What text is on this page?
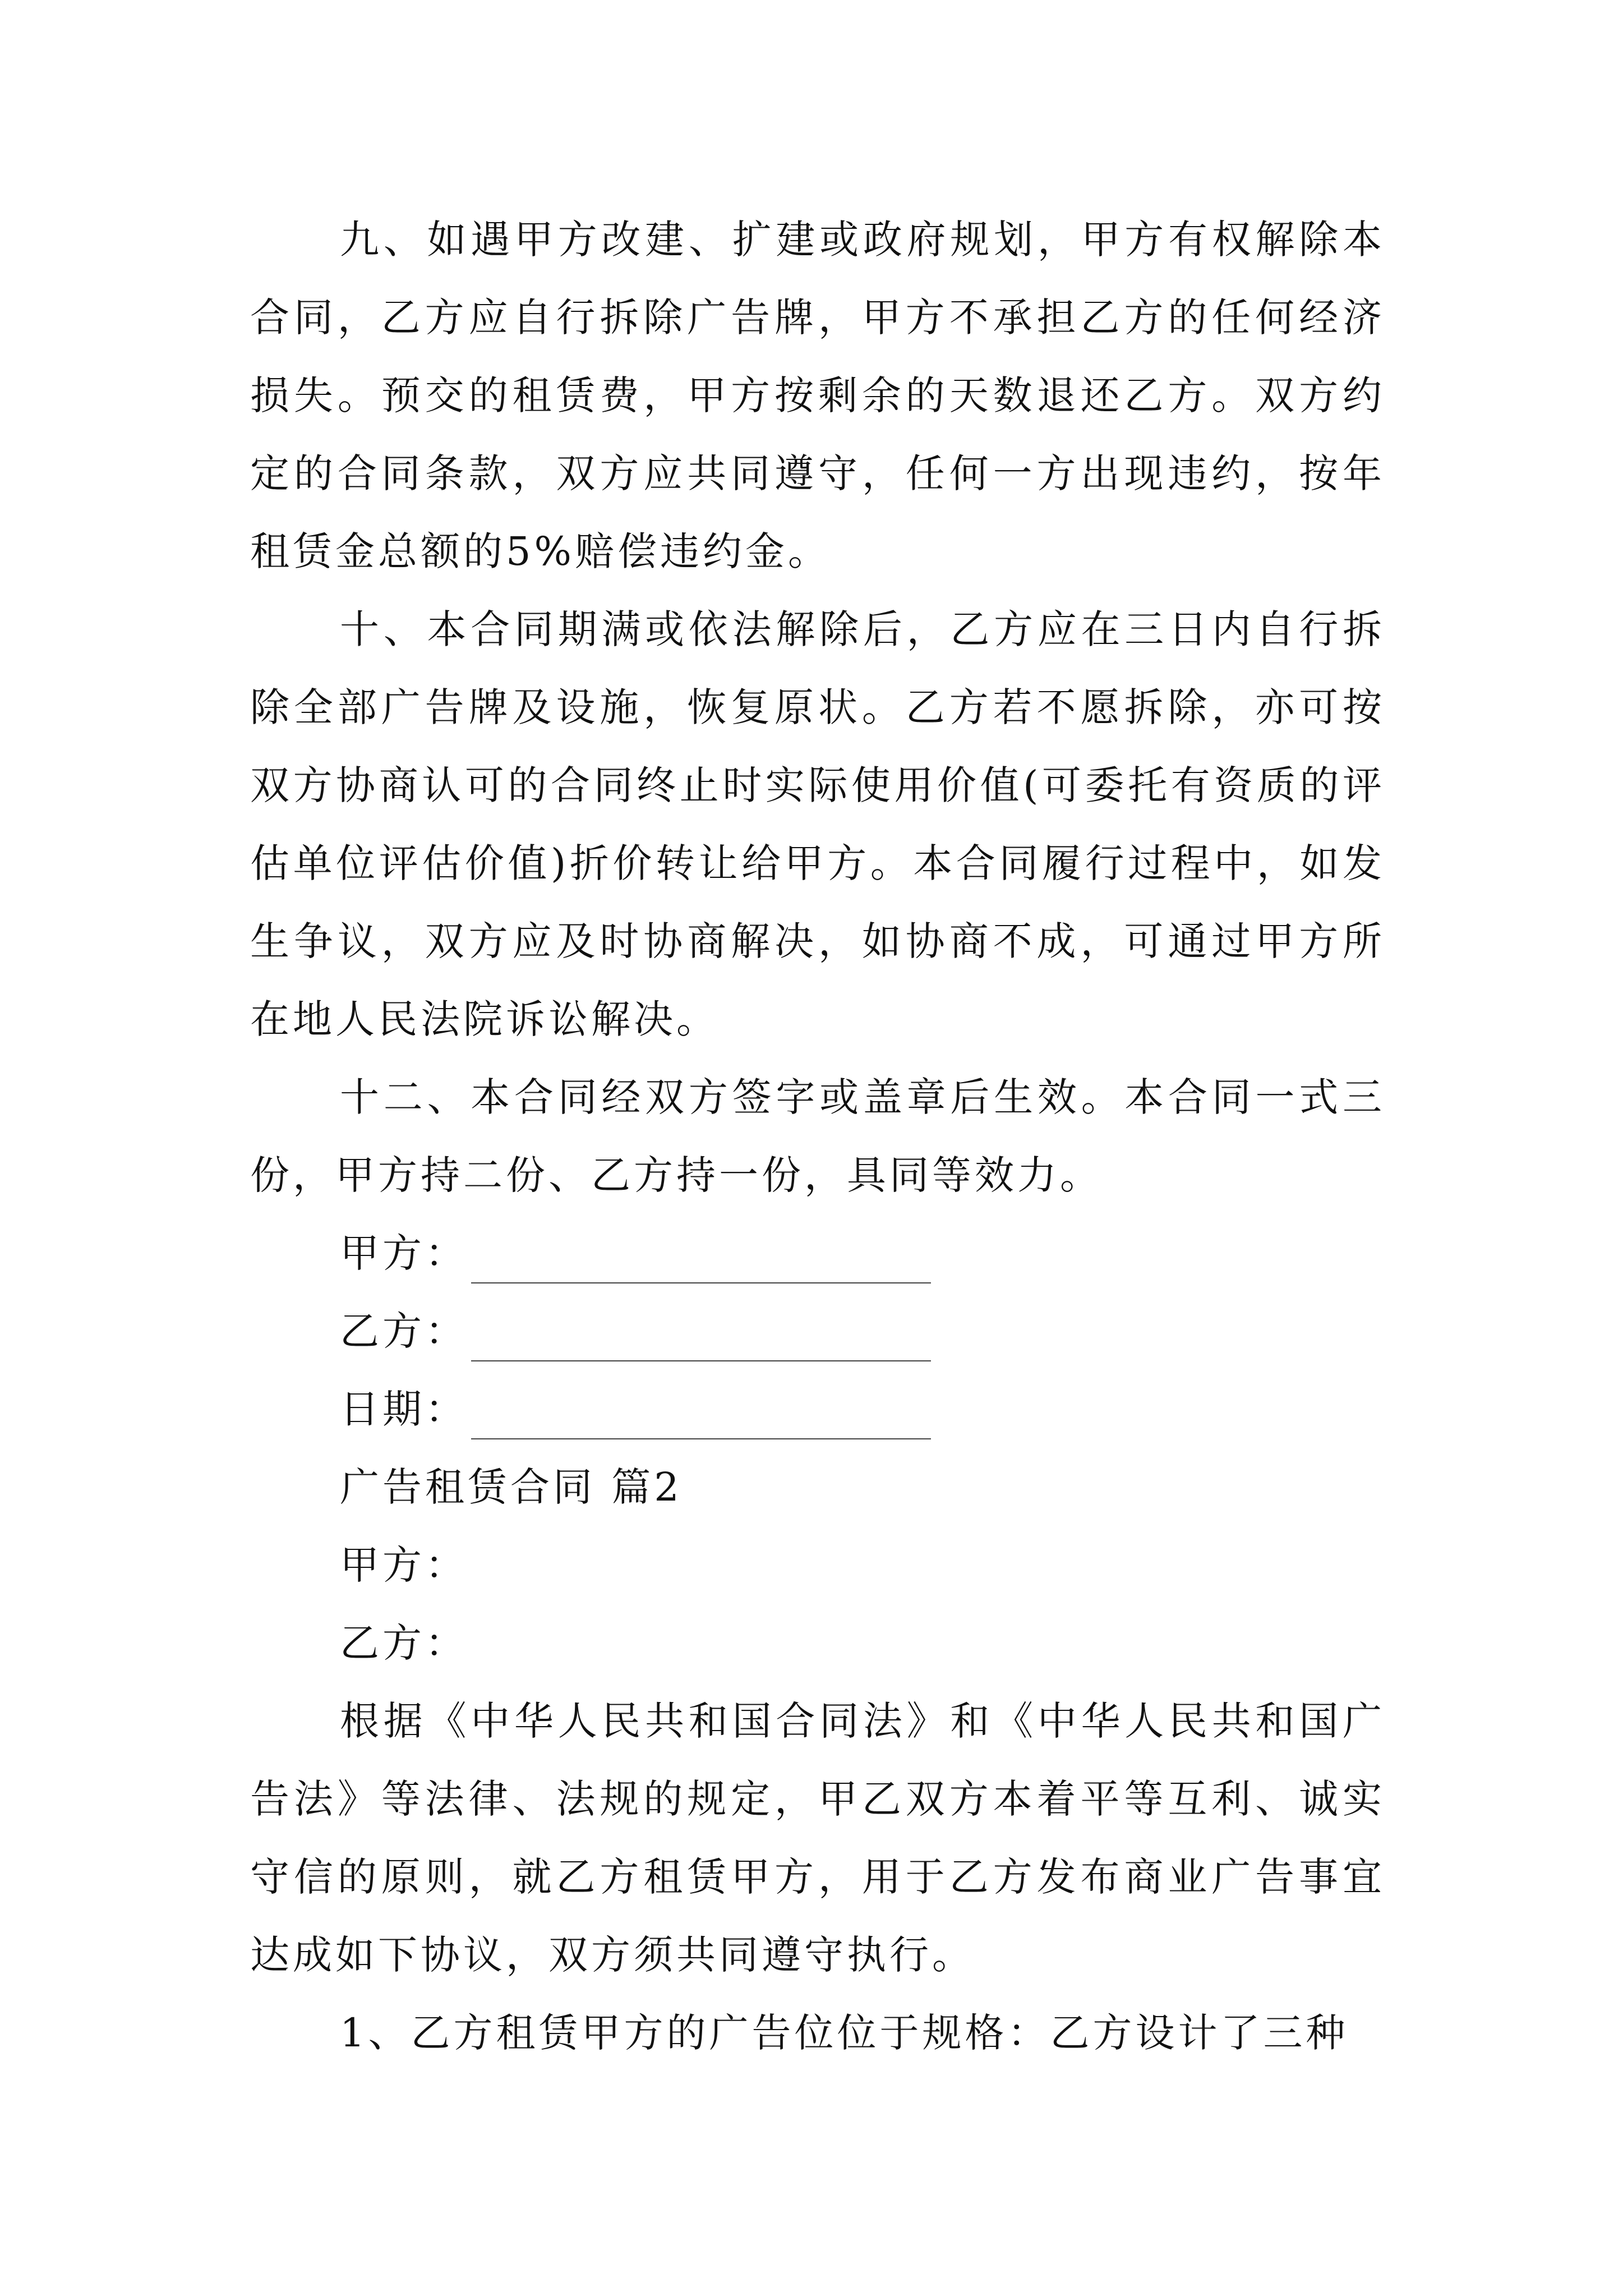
九、如遇甲方改建、扩建或政府规划，甲方有权解除本合同，乙方应自行拆除广告牌，甲方不承担乙方的任何经济损失。预交的租赁费，甲方按剩余的天数退还乙方。双方约定的合同条款，双方应共同遵守，任何一方出现违约，按年租赁金总额的5%赔偿违约金。

十、本合同期满或依法解除后，乙方应在三日内自行拆除全部广告牌及设施，恢复原状。乙方若不愿拆除，亦可按双方协商认可的合同终止时实际使用价值(可委托有资质的评估单位评估价值)折价转让给甲方。本合同履行过程中，如发生争议，双方应及时协商解决，如协商不成，可通过甲方所在地人民法院诉讼解决。

十二、本合同经双方签字或盖章后生效。本合同一式三份，甲方持二份、乙方持一份，具同等效力。

甲方：
乙方：
日期：
广告租赁合同 篇2
甲方：
乙方：

根据《中华人民共和国合同法》和《中华人民共和国广告法》等法律、法规的规定，甲乙双方本着平等互利、诚实守信的原则，就乙方租赁甲方，用于乙方发布商业广告事宜达成如下协议，双方须共同遵守执行。

1、乙方租赁甲方的广告位位于规格：乙方设计了三种
